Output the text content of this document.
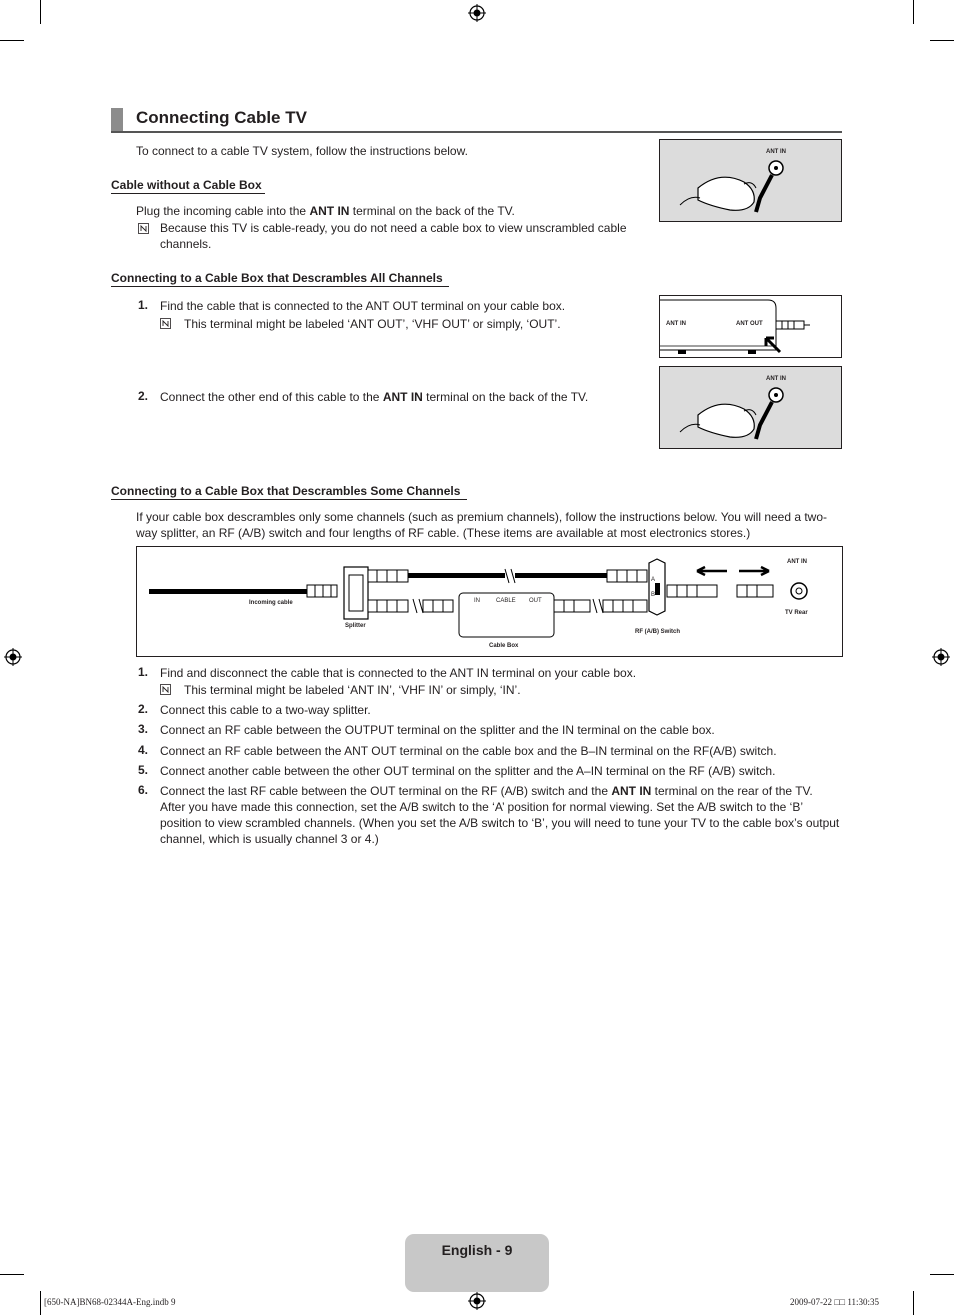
Connecting Cable TV
To connect to a cable TV system, follow the instructions below.
Cable without a Cable Box
Plug the incoming cable into the ANT IN terminal on the back of the TV.
Because this TV is cable-ready, you do not need a cable box to view unscrambled cable channels.
ANT IN
Connecting to a Cable Box that Descrambles All Channels
1. Find the cable that is connected to the ANT OUT terminal on your cable box.
This terminal might be labeled ‘ANT OUT’, ‘VHF OUT’ or simply, ‘OUT’.
2. Connect the other end of this cable to the ANT IN terminal on the back of the TV.
ANT IN	ANT OUT
ANT IN
Connecting to a Cable Box that Descrambles Some Channels
If your cable box descrambles only some channels (such as premium channels), follow the instructions below. You will need a two-way splitter, an RF (A/B) switch and four lengths of RF cable. (These items are available at most electronics stores.)
Incoming cable
Splitter
Cable Box
IN	CABLE OUT
A
B
RF (A/B) Switch
ANT IN
TV Rear
1. Find and disconnect the cable that is connected to the ANT IN terminal on your cable box.
This terminal might be labeled ‘ANT IN’, ‘VHF IN’ or simply, ‘IN’.
2. Connect this cable to a two-way splitter.
3. Connect an RF cable between the OUTPUT terminal on the splitter and the IN terminal on the cable box.
4. Connect an RF cable between the ANT OUT terminal on the cable box and the B–IN terminal on the RF(A/B) switch.
5. Connect another cable between the other OUT terminal on the splitter and the A–IN terminal on the RF (A/B) switch.
6. Connect the last RF cable between the OUT terminal on the RF (A/B) switch and the ANT IN terminal on the rear of the TV.
After you have made this connection, set the A/B switch to the ‘A’ position for normal viewing. Set the A/B switch to the ‘B’ position to view scrambled channels. (When you set the A/B switch to ‘B’, you will need to tune your TV to the cable box’s output channel, which is usually channel 3 or 4.)
English - 9
[650-NA]BN68-02344A-Eng.indb 9	2009-07-22 □□ 11:30:35
